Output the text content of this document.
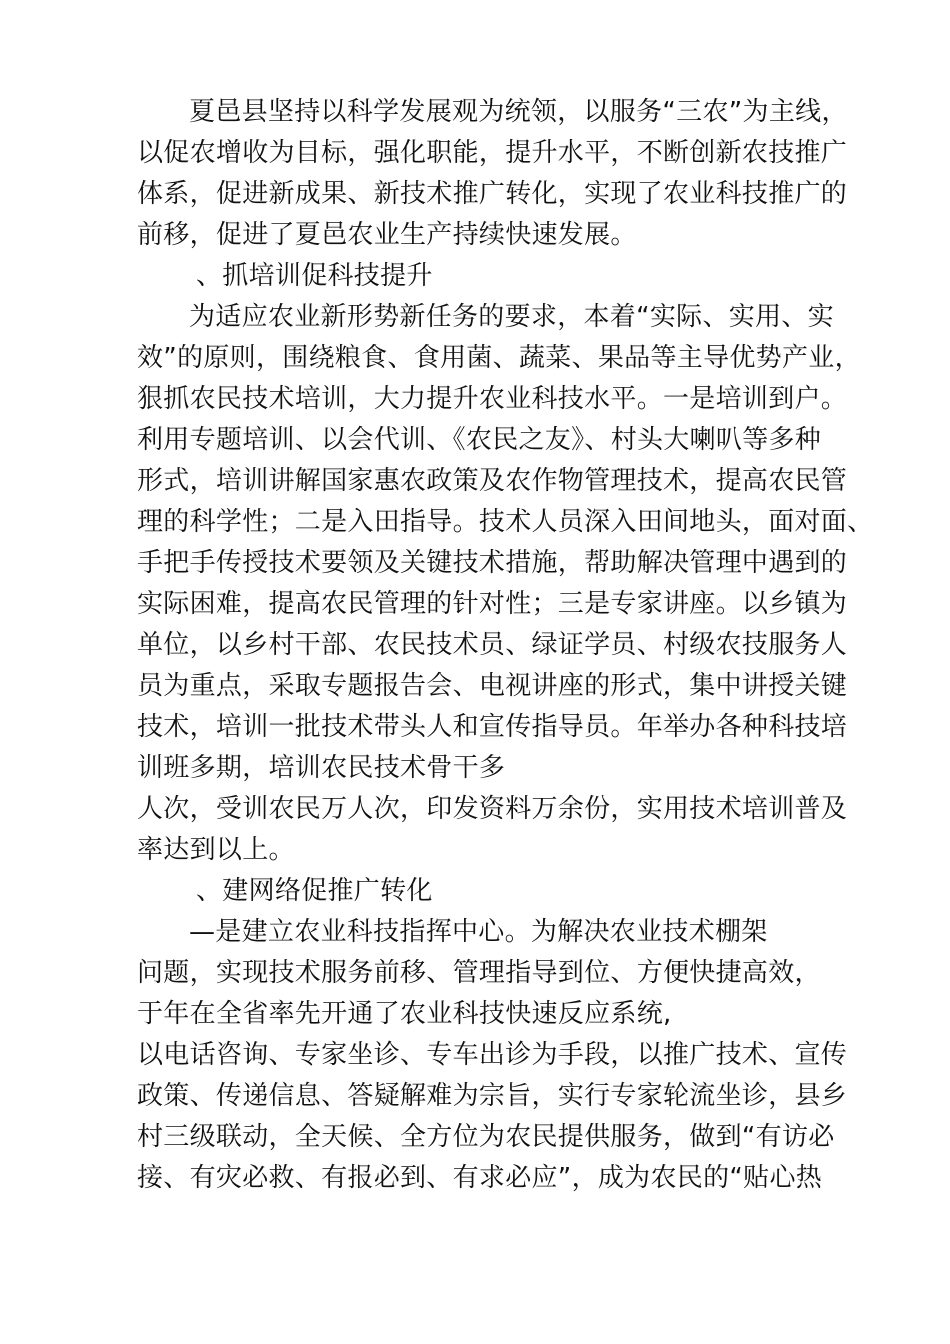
夏邑县坚持以科学发展观为统领，以服务“三农”为主线，
以促农增收为目标，强化职能，提升水平，不断创新农技推广
体系，促进新成果、新技术推广转化，实现了农业科技推广的
前移，促进了夏邑农业生产持续快速发展。
、抓培训促科技提升
为适应农业新形势新任务的要求，本着“实际、实用、实
效”的原则，围绕粮食、食用菌、蔬菜、果品等主导优势产业，
狠抓农民技术培训，大力提升农业科技水平。一是培训到户。
利用专题培训、以会代训、《农民之友》、村头大喇叭等多种
形式，培训讲解国家惠农政策及农作物管理技术，提高农民管
理的科学性；二是入田指导。技术人员深入田间地头，面对面、
手把手传授技术要领及关键技术措施，帮助解决管理中遇到的
实际困难，提高农民管理的针对性；三是专家讲座。以乡镇为
单位，以乡村干部、农民技术员、绿证学员、村级农技服务人
员为重点，采取专题报告会、电视讲座的形式，集中讲授关键
技术，培训一批技术带头人和宣传指导员。年举办各种科技培
训班多期，培训农民技术骨干多
人次，受训农民万人次，印发资料万余份，实用技术培训普及
率达到以上。
、建网络促推广转化
—是建立农业科技指挥中心。为解决农业技术棚架
问题，实现技术服务前移、管理指导到位、方便快捷高效，
于年在全省率先开通了农业科技快速反应系统,
以电话咨询、专家坐诊、专车出诊为手段，以推广技术、宣传
政策、传递信息、答疑解难为宗旨，实行专家轮流坐诊，县乡
村三级联动，全天候、全方位为农民提供服务，做到“有访必
接、有灾必救、有报必到、有求必应”，成为农民的“贴心热
